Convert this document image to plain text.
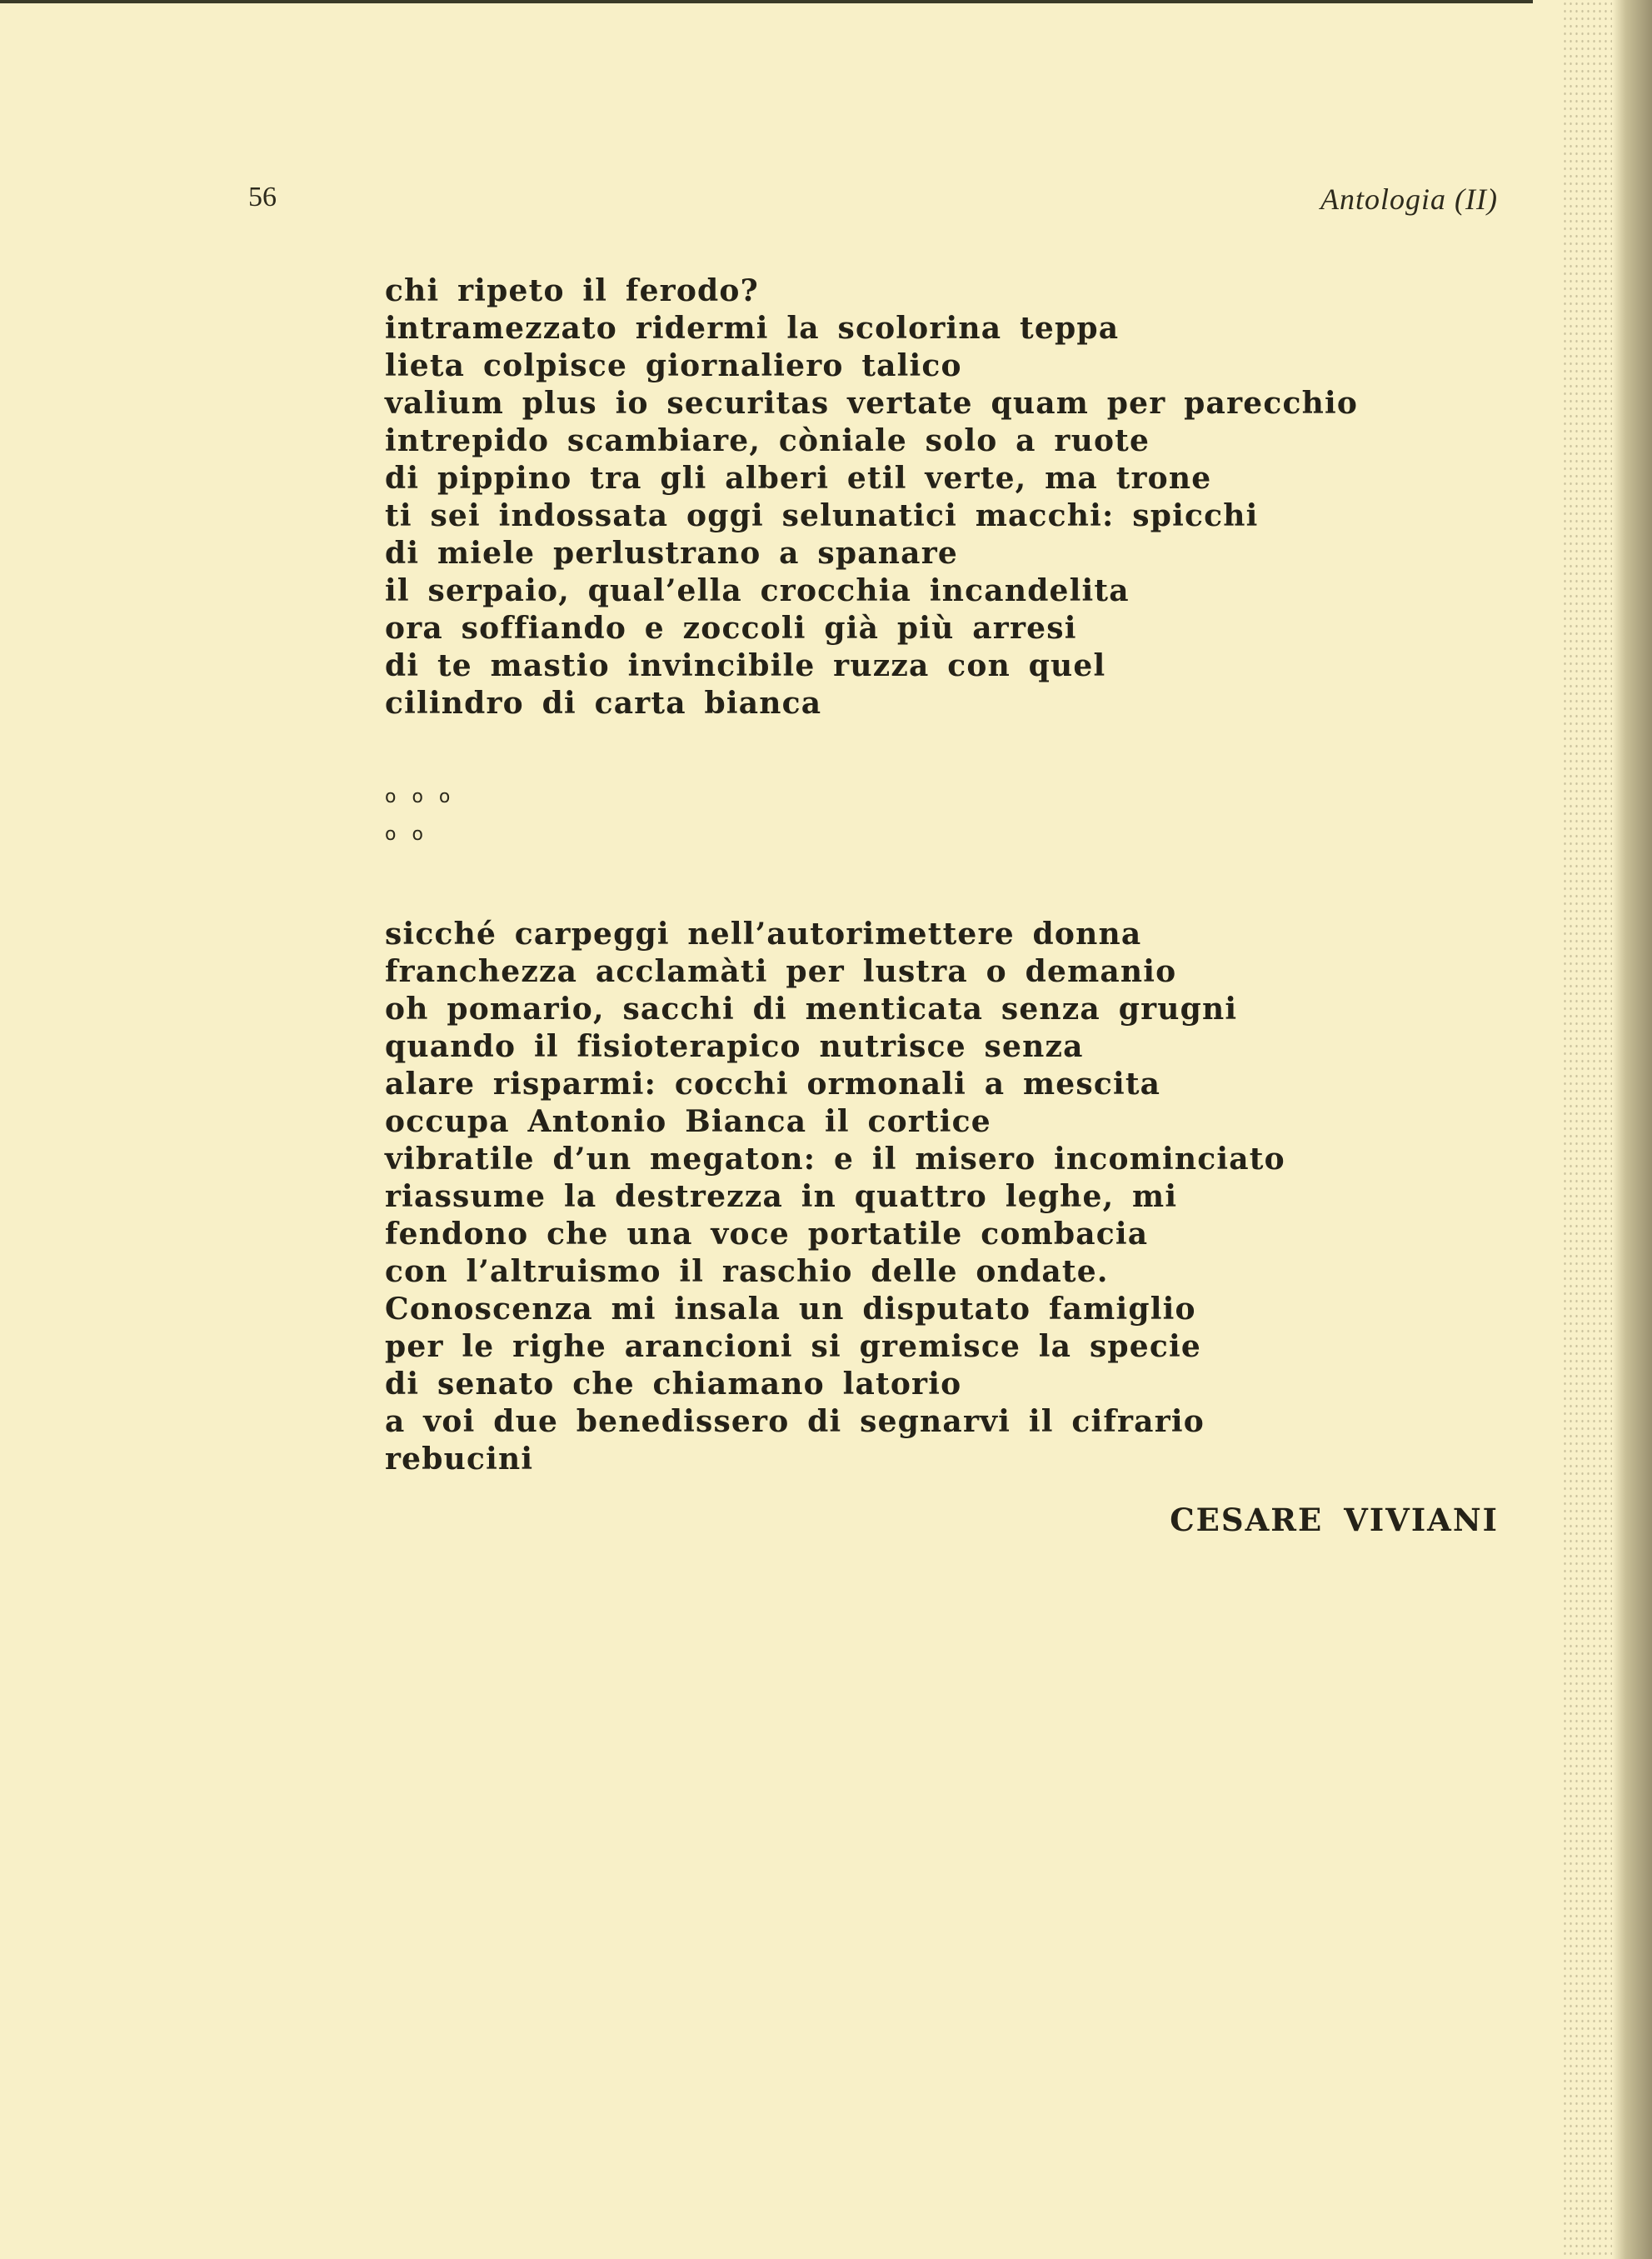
56	Antologia (II)
chi ripeto il ferodo?
intramezzato ridermi la scolorina teppa
lieta colpisce giornaliero talico
valium plus io securitas vertate quam per parecchio
intrepido scambiare, còniale solo a ruote
di pippino tra gli alberi etil verte, ma trone
ti sei indossata oggi selunatici macchi: spicchi
di miele perlustrano a spanare
il serpaio, qual’ella crocchia incandelita
ora soffiando e zoccoli già più arresi
di te mastio invincibile ruzza con quel
cilindro di carta bianca
o o o
o o
sicché carpeggi nell’autorimettere donna
franchezza acclamàti per lustra o demanio
oh pomario, sacchi di menticata senza grugni
quando il fisioterapico nutrisce senza
alare risparmi: cocchi ormonali a mescita
occupa Antonio Bianca il cortice
vibratile d’un megaton: e il misero incominciato
riassume la destrezza in quattro leghe, mi
fendono che una voce portatile combacia
con l’altruismo il raschio delle ondate.
Conoscenza mi insala un disputato famiglio
per le righe arancioni si gremisce la specie
di senato che chiamano latorio
a voi due benedissero di segnarvi il cifrario
rebucini
CESARE VIVIANI
